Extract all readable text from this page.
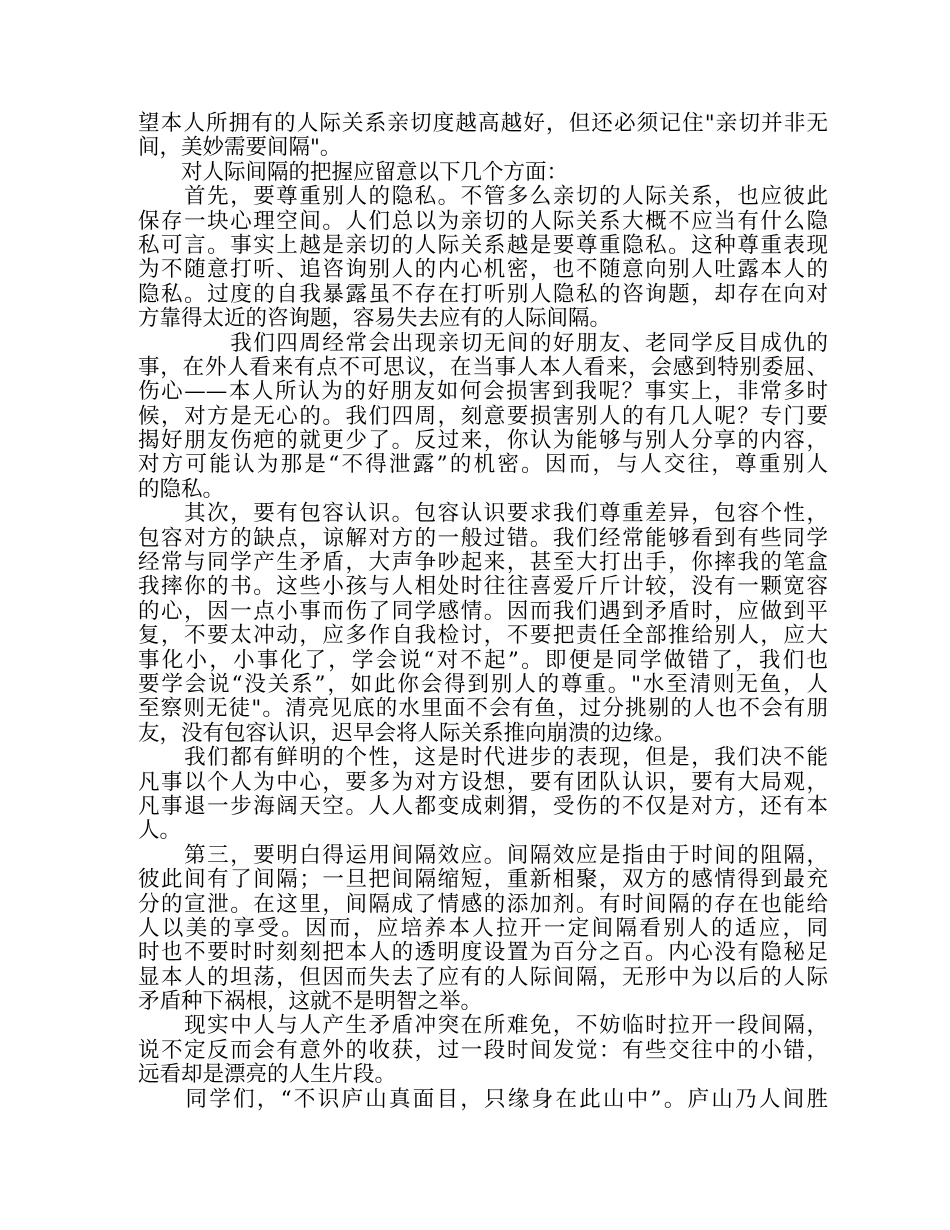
望本人所拥有的人际关系亲切度越高越好，但还必须记住"亲切并非无
间，美妙需要间隔"。
　　对人际间隔的把握应留意以下几个方面：
　　首先，要尊重别人的隐私。不管多么亲切的人际关系，也应彼此
保存一块心理空间。人们总以为亲切的人际关系大概不应当有什么隐
私可言。事实上越是亲切的人际关系越是要尊重隐私。这种尊重表现
为不随意打听、追咨询别人的内心机密，也不随意向别人吐露本人的
隐私。过度的自我暴露虽不存在打听别人隐私的咨询题，却存在向对
方靠得太近的咨询题，容易失去应有的人际间隔。
　　　　我们四周经常会出现亲切无间的好朋友、老同学反目成仇的
事，在外人看来有点不可思议，在当事人本人看来，会感到特别委屈、
伤心——本人所认为的好朋友如何会损害到我呢？事实上，非常多时
候，对方是无心的。我们四周，刻意要损害别人的有几人呢？专门要
揭好朋友伤疤的就更少了。反过来，你认为能够与别人分享的内容，
对方可能认为那是“不得泄露”的机密。因而，与人交往，尊重别人
的隐私。
　　其次，要有包容认识。包容认识要求我们尊重差异，包容个性，
包容对方的缺点，谅解对方的一般过错。我们经常能够看到有些同学
经常与同学产生矛盾，大声争吵起来，甚至大打出手，你摔我的笔盒
我摔你的书。这些小孩与人相处时往往喜爱斤斤计较，没有一颗宽容
的心，因一点小事而伤了同学感情。因而我们遇到矛盾时，应做到平
复，不要太冲动，应多作自我检讨，不要把责任全部推给别人，应大
事化小，小事化了，学会说“对不起”。即便是同学做错了，我们也
要学会说“没关系”，如此你会得到别人的尊重。"水至清则无鱼，人
至察则无徒"。清亮见底的水里面不会有鱼，过分挑剔的人也不会有朋
友，没有包容认识，迟早会将人际关系推向崩溃的边缘。
　　我们都有鲜明的个性，这是时代进步的表现，但是，我们决不能
凡事以个人为中心，要多为对方设想，要有团队认识，要有大局观，
凡事退一步海阔天空。人人都变成刺猬，受伤的不仅是对方，还有本
人。
　　第三，要明白得运用间隔效应。间隔效应是指由于时间的阻隔，
彼此间有了间隔；一旦把间隔缩短，重新相聚，双方的感情得到最充
分的宣泄。在这里，间隔成了情感的添加剂。有时间隔的存在也能给
人以美的享受。因而，应培养本人拉开一定间隔看别人的适应，同
时也不要时时刻刻把本人的透明度设置为百分之百。内心没有隐秘足
显本人的坦荡，但因而失去了应有的人际间隔，无形中为以后的人际
矛盾种下祸根，这就不是明智之举。
　　现实中人与人产生矛盾冲突在所难免，不妨临时拉开一段间隔，
说不定反而会有意外的收获，过一段时间发觉：有些交往中的小错，
远看却是漂亮的人生片段。
　　同学们，“不识庐山真面目，只缘身在此山中”。庐山乃人间胜
